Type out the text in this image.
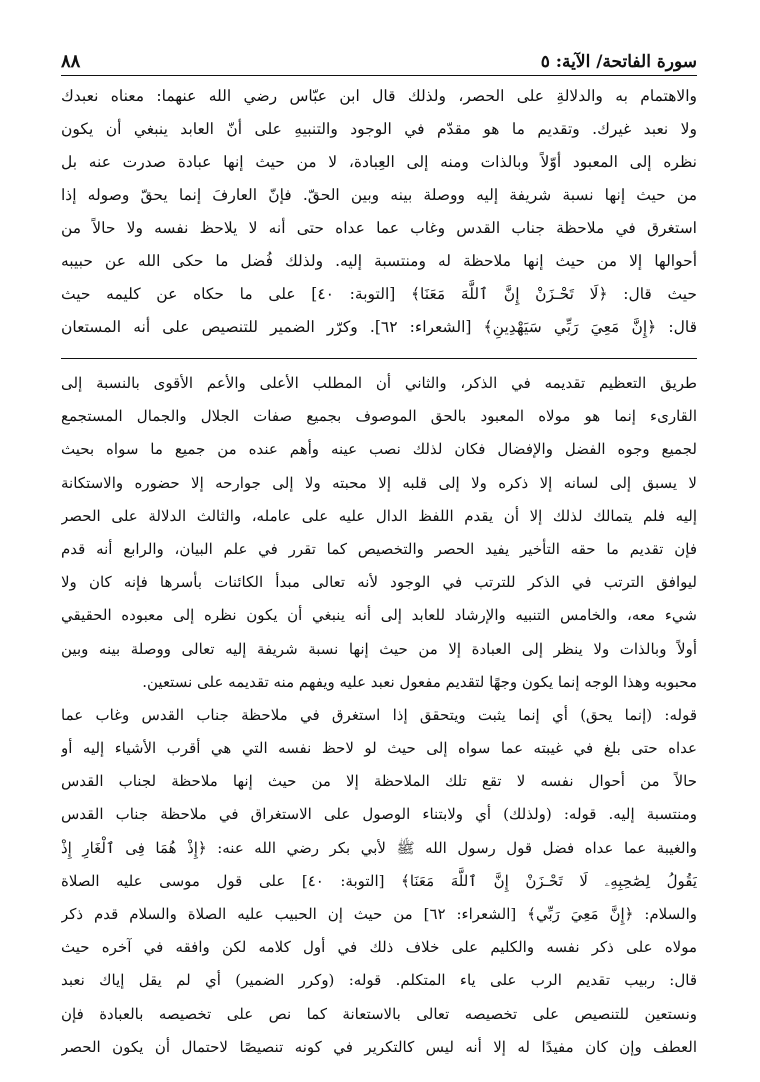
سورة الفاتحة/ الآية: ٥
٨٨
والاهتمام به والدلالةِ على الحصر، ولذلك قال ابن عبّاس رضي الله عنهما: معناه نعبدك
ولا نعبد غيرك. وتقديم ما هو مقدّم في الوجود والتنبيهِ على أنّ العابد ينبغي أن يكون
نظره إلى المعبود أوّلاً وبالذات ومنه إلى العِبادة، لا من حيث إنها عبادة صدرت عنه بل
من حيث إنها نسبة شريفة إليه ووصلة بينه وبين الحقّ. فإنّ العارفَ إنما يحقّ وصوله إذا
استغرق في ملاحظة جناب القدس وغاب عما عداه حتى أنه لا يلاحظ نفسه ولا حالاً من
أحوالها إلا من حيث إنها ملاحظة له ومنتسبة إليه. ولذلك فُضل ما حكى الله عن حبيبه
حيث قال: ﴿لَا تَحْـزَنْ إِنَّ ٱللَّهَ مَعَنَا﴾ [التوبة: ٤٠] على ما حكاه عن كليمه حيث
قال: ﴿إِنَّ مَعِيَ رَبِّي سَيَهْدِينِ﴾ [الشعراء: ٦٢]. وكرّر الضمير للتنصيص على أنه المستعان
طريق التعظيم تقديمه في الذكر، والثاني أن المطلب الأعلى والأعم الأقوى بالنسبة إلى
القارىء إنما هو مولاه المعبود بالحق الموصوف بجميع صفات الجلال والجمال المستجمع
لجميع وجوه الفضل والإفضال فكان لذلك نصب عينه وأهم عنده من جميع ما سواه بحيث
لا يسبق إلى لسانه إلا ذكره ولا إلى قلبه إلا محبته ولا إلى جوارحه إلا حضوره والاستكانة
إليه فلم يتمالك لذلك إلا أن يقدم اللفظ الدال عليه على عامله، والثالث الدلالة على الحصر
فإن تقديم ما حقه التأخير يفيد الحصر والتخصيص كما تقرر في علم البيان، والرابع أنه قدم
ليوافق الترتب في الذكر للترتب في الوجود لأنه تعالى مبدأ الكائنات بأسرها فإنه كان ولا
شيء معه، والخامس التنبيه والإرشاد للعابد إلى أنه ينبغي أن يكون نظره إلى معبوده الحقيقي
أولاً وبالذات ولا ينظر إلى العبادة إلا من حيث إنها نسبة شريفة إليه تعالى ووصلة بينه وبين
محبوبه وهذا الوجه إنما يكون وجهًا لتقديم مفعول نعبد عليه ويفهم منه تقديمه على نستعين.
قوله: (إنما يحق) أي إنما يثبت ويتحقق إذا استغرق في ملاحظة جناب القدس وغاب عما
عداه حتى بلغ في غيبته عما سواه إلى حيث لو لاحظ نفسه التي هي أقرب الأشياء إليه أو
حالاً من أحوال نفسه لا تقع تلك الملاحظة إلا من حيث إنها ملاحظة لجناب القدس
ومنتسبة إليه. قوله: (ولذلك) أي ولابتناء الوصول على الاستغراق في ملاحظة جناب القدس
والغيبة عما عداه فضل قول رسول الله ﷺ لأبي بكر رضي الله عنه: ﴿إِذْ هُمَا فِى ٱلْغَارِ إِذْ
يَقُولُ لِصَٰحِبِهِۦ لَا تَحْـزَنْ إِنَّ ٱللَّهَ مَعَنَا﴾ [التوبة: ٤٠] على قول موسى عليه الصلاة
والسلام: ﴿إِنَّ مَعِيَ رَبِّي﴾ [الشعراء: ٦٢] من حيث إن الحبيب عليه الصلاة والسلام قدم ذكر
مولاه على ذكر نفسه والكليم على خلاف ذلك في أول كلامه لكن وافقه في آخره حيث
قال: ربيب تقديم الرب على ياء المتكلم. قوله: (وكرر الضمير) أي لم يقل إياك نعبد
ونستعين للتنصيص على تخصيصه تعالى بالاستعانة كما نص على تخصيصه بالعبادة فإن
العطف وإن كان مفيدًا له إلا أنه ليس كالتكرير في كونه تنصيصًا لاحتمال أن يكون الحصر
